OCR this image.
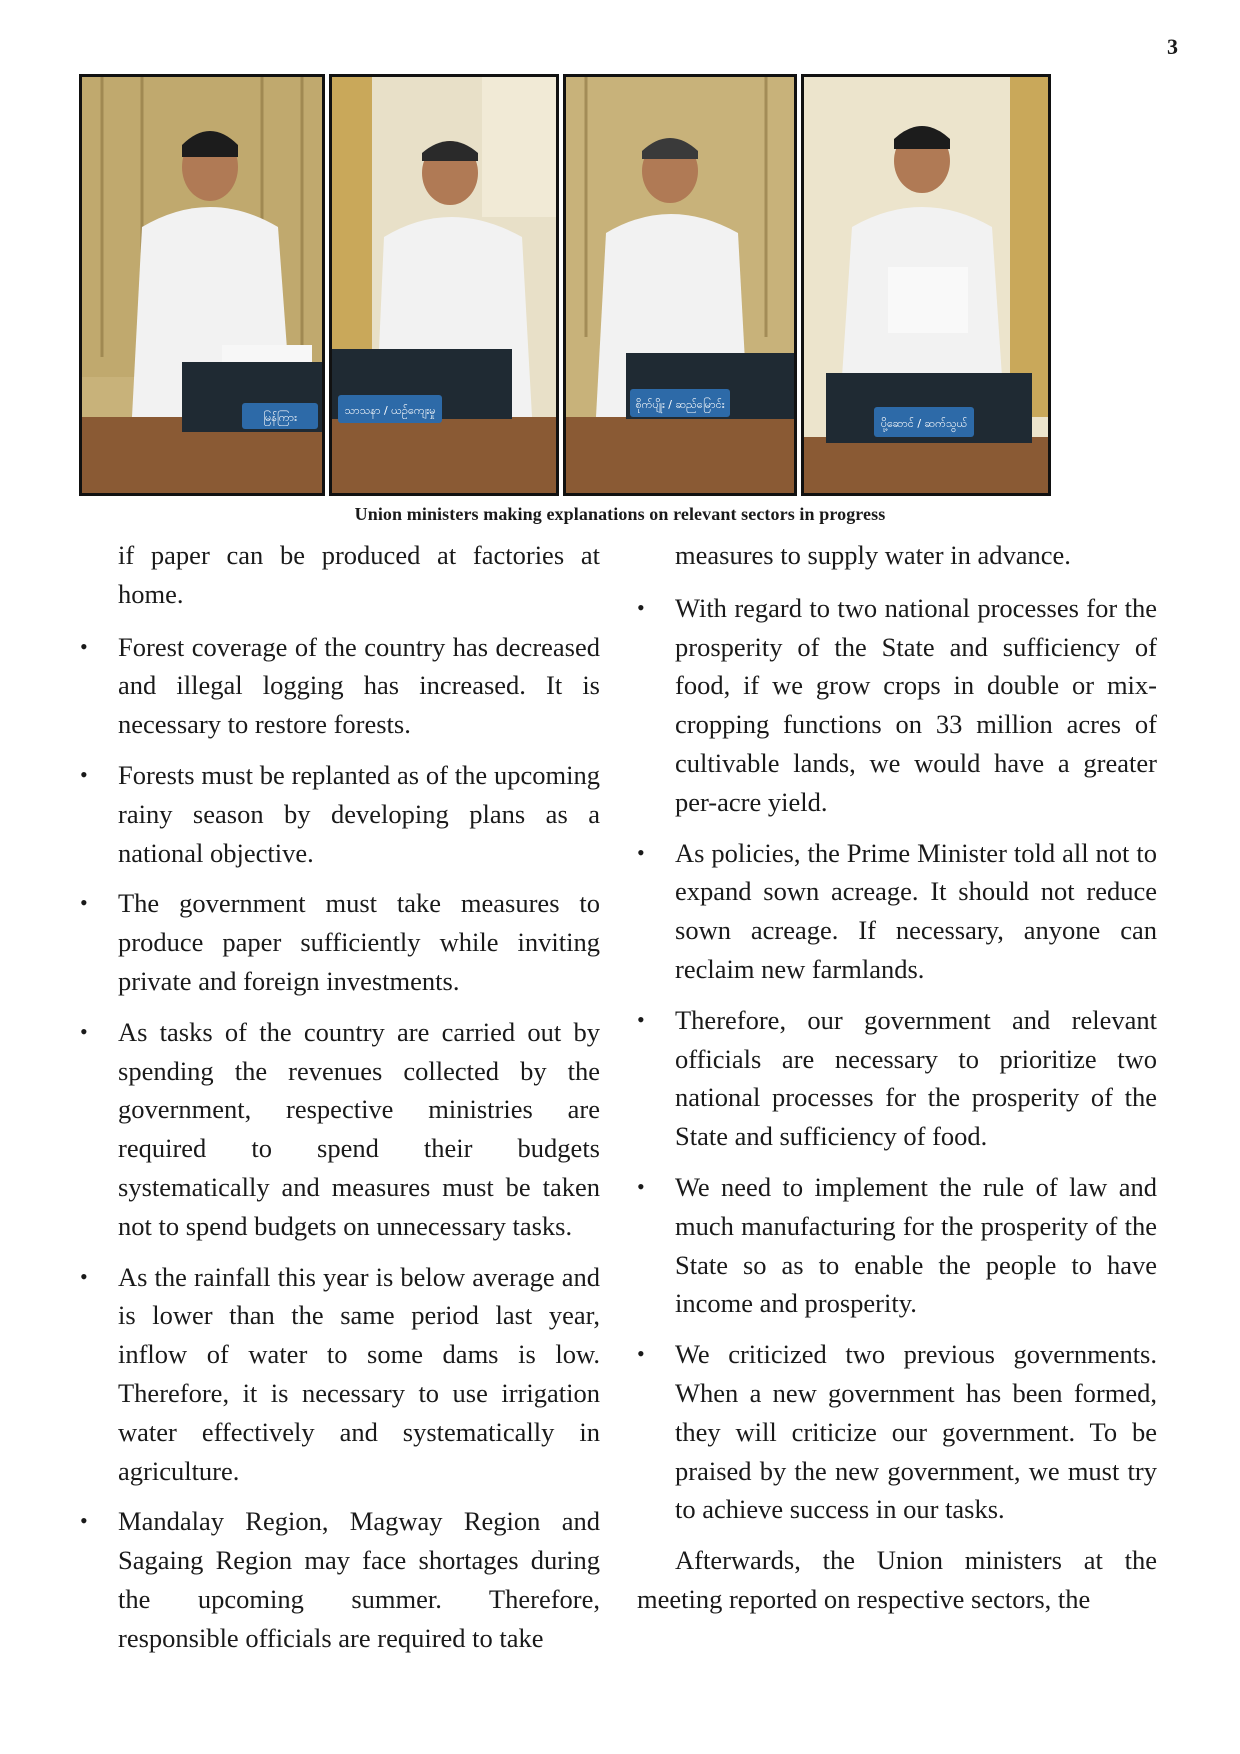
3
မြန်ကြား
သာသနာ / ယဉ်ကျေးမှု	စိုက်ပျိုး / ဆည်မြောင်း
ပို့ဆောင် / ဆက်သွယ်
Union ministers making explanations on relevant sectors in progress

if paper can be produced at factories at home.

• Forest coverage of the country has decreased and illegal logging has increased. It is necessary to restore forests.

• Forests must be replanted as of the upcoming rainy season by developing plans as a national objective.

• The government must take measures to produce paper sufficiently while inviting private and foreign investments.

• As tasks of the country are carried out by spending the revenues collected by the government, respective ministries are required to spend their budgets systematically and measures must be taken not to spend budgets on unnecessary tasks.

• As the rainfall this year is below average and is lower than the same period last year, inflow of water to some dams is low. Therefore, it is necessary to use irrigation water effectively and systematically in agriculture.

• Mandalay Region, Magway Region and Sagaing Region may face shortages during the upcoming summer. Therefore, responsible officials are required to take

measures to supply water in advance.

• With regard to two national processes for the prosperity of the State and sufficiency of food, if we grow crops in double or mix-cropping functions on 33 million acres of cultivable lands, we would have a greater per-acre yield.

• As policies, the Prime Minister told all not to expand sown acreage. It should not reduce sown acreage. If necessary, anyone can reclaim new farmlands.

• Therefore, our government and relevant officials are necessary to prioritize two national processes for the prosperity of the State and sufficiency of food.

• We need to implement the rule of law and much manufacturing for the prosperity of the State so as to enable the people to have income and prosperity.

• We criticized two previous governments. When a new government has been formed, they will criticize our government. To be praised by the new government, we must try to achieve success in our tasks.

Afterwards, the Union ministers at the meeting reported on respective sectors, the
